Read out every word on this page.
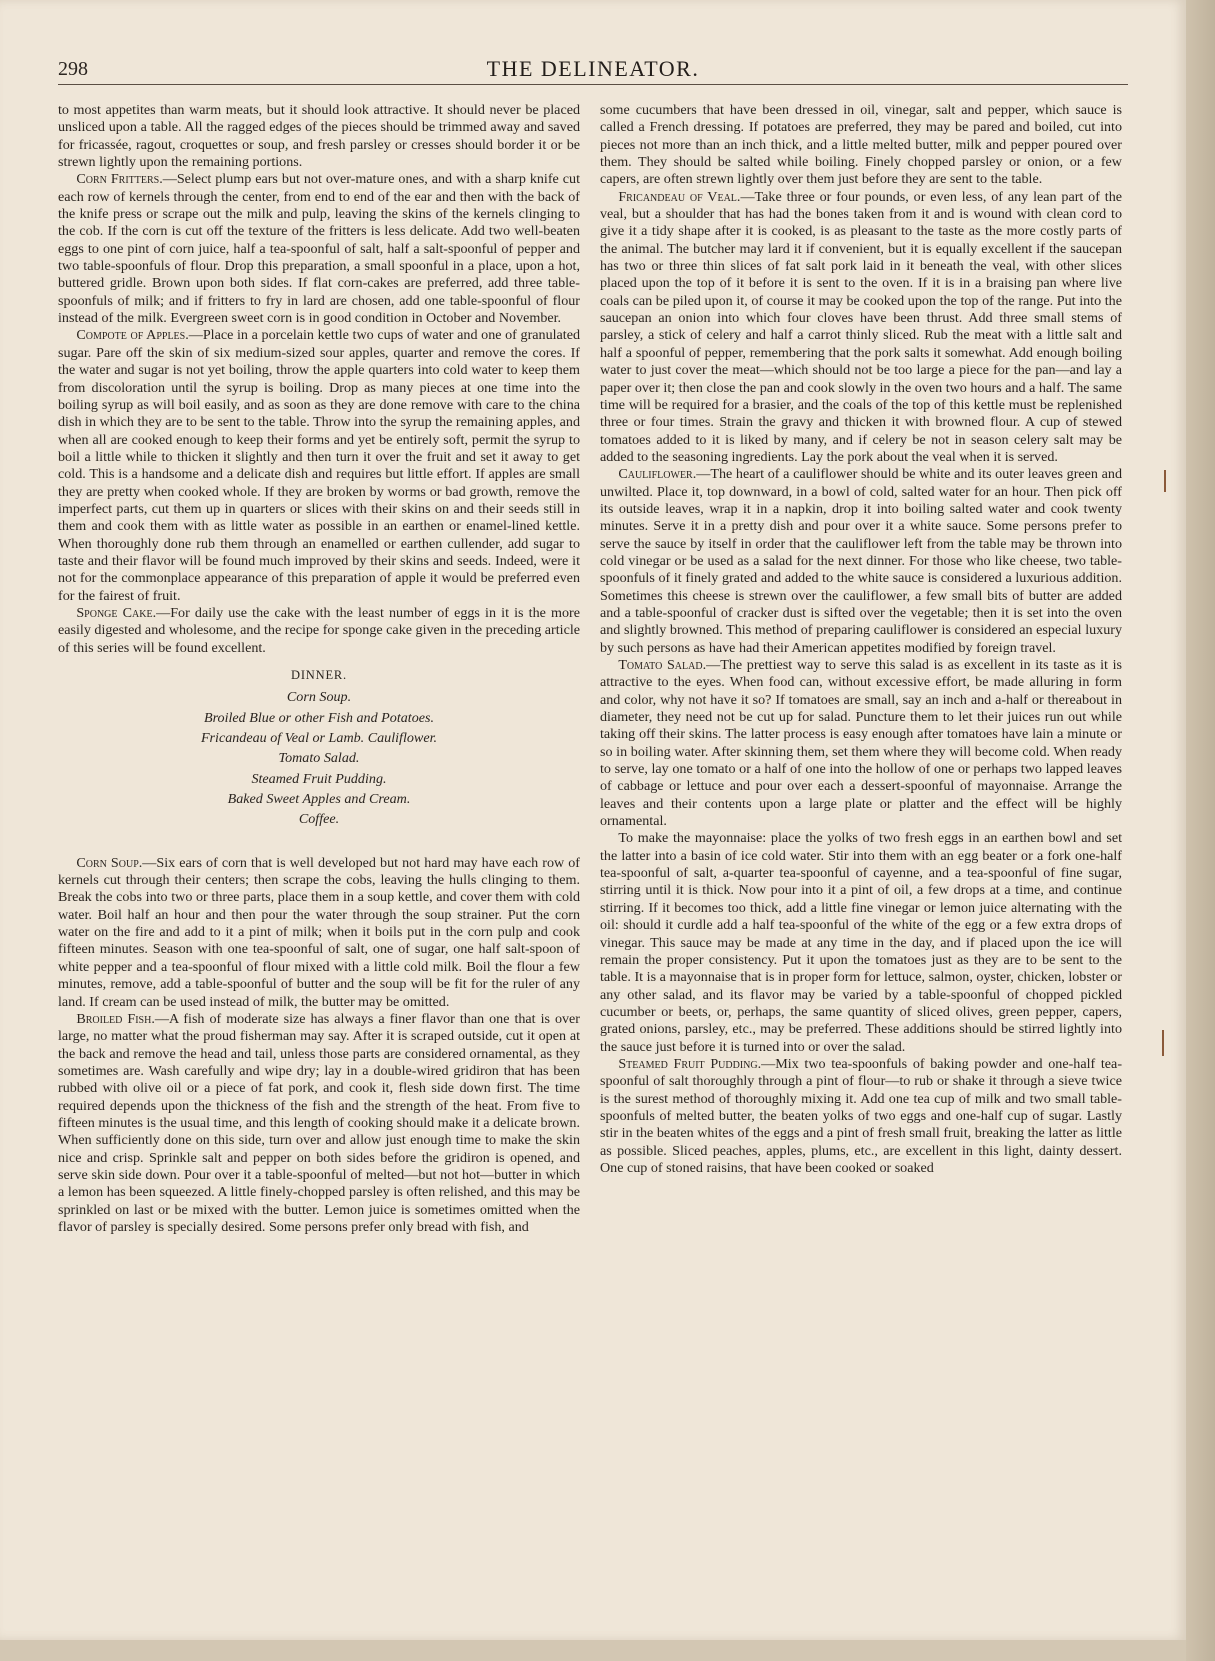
298	THE DELINEATOR.

to most appetites than warm meats, but it should look attractive. It should never be placed unsliced upon a table. All the ragged edges of the pieces should be trimmed away and saved for fricassée, ragout, croquettes or soup, and fresh parsley or cresses should border it or be strewn lightly upon the remaining portions.

Corn Fritters.—Select plump ears but not over-mature ones, and with a sharp knife cut each row of kernels through the center, from end to end of the ear and then with the back of the knife press or scrape out the milk and pulp, leaving the skins of the kernels clinging to the cob. If the corn is cut off the texture of the fritters is less delicate. Add two well-beaten eggs to one pint of corn juice, half a tea-spoonful of salt, half a salt-spoonful of pepper and two table-spoonfuls of flour. Drop this preparation, a small spoonful in a place, upon a hot, buttered gridle. Brown upon both sides. If flat corn-cakes are preferred, add three table-spoonfuls of milk; and if fritters to fry in lard are chosen, add one table-spoonful of flour instead of the milk. Evergreen sweet corn is in good condition in October and November.

Compote of Apples.—Place in a porcelain kettle two cups of water and one of granulated sugar. Pare off the skin of six medium-sized sour apples, quarter and remove the cores. If the water and sugar is not yet boiling, throw the apple quarters into cold water to keep them from discoloration until the syrup is boiling. Drop as many pieces at one time into the boiling syrup as will boil easily, and as soon as they are done remove with care to the china dish in which they are to be sent to the table. Throw into the syrup the remaining apples, and when all are cooked enough to keep their forms and yet be entirely soft, permit the syrup to boil a little while to thicken it slightly and then turn it over the fruit and set it away to get cold. This is a handsome and a delicate dish and requires but little effort. If apples are small they are pretty when cooked whole. If they are broken by worms or bad growth, remove the imperfect parts, cut them up in quarters or slices with their skins on and their seeds still in them and cook them with as little water as possible in an earthen or enamel-lined kettle. When thoroughly done rub them through an enamelled or earthen cullender, add sugar to taste and their flavor will be found much improved by their skins and seeds. Indeed, were it not for the commonplace appearance of this preparation of apple it would be preferred even for the fairest of fruit.

Sponge Cake.—For daily use the cake with the least number of eggs in it is the more easily digested and wholesome, and the recipe for sponge cake given in the preceding article of this series will be found excellent.

DINNER.
Corn Soup.
Broiled Blue or other Fish and Potatoes.
Fricandeau of Veal or Lamb. Cauliflower.
Tomato Salad.
Steamed Fruit Pudding.
Baked Sweet Apples and Cream.
Coffee.

Corn Soup.—Six ears of corn that is well developed but not hard may have each row of kernels cut through their centers; then scrape the cobs, leaving the hulls clinging to them. Break the cobs into two or three parts, place them in a soup kettle, and cover them with cold water. Boil half an hour and then pour the water through the soup strainer. Put the corn water on the fire and add to it a pint of milk; when it boils put in the corn pulp and cook fifteen minutes. Season with one tea-spoonful of salt, one of sugar, one half salt-spoon of white pepper and a tea-spoonful of flour mixed with a little cold milk. Boil the flour a few minutes, remove, add a table-spoonful of butter and the soup will be fit for the ruler of any land. If cream can be used instead of milk, the butter may be omitted.

Broiled Fish.—A fish of moderate size has always a finer flavor than one that is over large, no matter what the proud fisherman may say. After it is scraped outside, cut it open at the back and remove the head and tail, unless those parts are considered ornamental, as they sometimes are. Wash carefully and wipe dry; lay in a double-wired gridiron that has been rubbed with olive oil or a piece of fat pork, and cook it, flesh side down first. The time required depends upon the thickness of the fish and the strength of the heat. From five to fifteen minutes is the usual time, and this length of cooking should make it a delicate brown. When sufficiently done on this side, turn over and allow just enough time to make the skin nice and crisp. Sprinkle salt and pepper on both sides before the gridiron is opened, and serve skin side down. Pour over it a table-spoonful of melted—but not hot—butter in which a lemon has been squeezed. A little finely-chopped parsley is often relished, and this may be sprinkled on last or be mixed with the butter. Lemon juice is sometimes omitted when the flavor of parsley is specially desired. Some persons prefer only bread with fish, and

some cucumbers that have been dressed in oil, vinegar, salt and pepper, which sauce is called a French dressing. If potatoes are preferred, they may be pared and boiled, cut into pieces not more than an inch thick, and a little melted butter, milk and pepper poured over them. They should be salted while boiling. Finely chopped parsley or onion, or a few capers, are often strewn lightly over them just before they are sent to the table.

Fricandeau of Veal.—Take three or four pounds, or even less, of any lean part of the veal, but a shoulder that has had the bones taken from it and is wound with clean cord to give it a tidy shape after it is cooked, is as pleasant to the taste as the more costly parts of the animal. The butcher may lard it if convenient, but it is equally excellent if the saucepan has two or three thin slices of fat salt pork laid in it beneath the veal, with other slices placed upon the top of it before it is sent to the oven. If it is in a braising pan where live coals can be piled upon it, of course it may be cooked upon the top of the range. Put into the saucepan an onion into which four cloves have been thrust. Add three small stems of parsley, a stick of celery and half a carrot thinly sliced. Rub the meat with a little salt and half a spoonful of pepper, remembering that the pork salts it somewhat. Add enough boiling water to just cover the meat—which should not be too large a piece for the pan—and lay a paper over it; then close the pan and cook slowly in the oven two hours and a half. The same time will be required for a brasier, and the coals of the top of this kettle must be replenished three or four times. Strain the gravy and thicken it with browned flour. A cup of stewed tomatoes added to it is liked by many, and if celery be not in season celery salt may be added to the seasoning ingredients. Lay the pork about the veal when it is served.

Cauliflower.—The heart of a cauliflower should be white and its outer leaves green and unwilted. Place it, top downward, in a bowl of cold, salted water for an hour. Then pick off its outside leaves, wrap it in a napkin, drop it into boiling salted water and cook twenty minutes. Serve it in a pretty dish and pour over it a white sauce. Some persons prefer to serve the sauce by itself in order that the cauliflower left from the table may be thrown into cold vinegar or be used as a salad for the next dinner. For those who like cheese, two table-spoonfuls of it finely grated and added to the white sauce is considered a luxurious addition. Sometimes this cheese is strewn over the cauliflower, a few small bits of butter are added and a table-spoonful of cracker dust is sifted over the vegetable; then it is set into the oven and slightly browned. This method of preparing cauliflower is considered an especial luxury by such persons as have had their American appetites modified by foreign travel.

Tomato Salad.—The prettiest way to serve this salad is as excellent in its taste as it is attractive to the eyes. When food can, without excessive effort, be made alluring in form and color, why not have it so? If tomatoes are small, say an inch and a-half or thereabout in diameter, they need not be cut up for salad. Puncture them to let their juices run out while taking off their skins. The latter process is easy enough after tomatoes have lain a minute or so in boiling water. After skinning them, set them where they will become cold. When ready to serve, lay one tomato or a half of one into the hollow of one or perhaps two lapped leaves of cabbage or lettuce and pour over each a dessert-spoonful of mayonnaise. Arrange the leaves and their contents upon a large plate or platter and the effect will be highly ornamental.

To make the mayonnaise: place the yolks of two fresh eggs in an earthen bowl and set the latter into a basin of ice cold water. Stir into them with an egg beater or a fork one-half tea-spoonful of salt, a-quarter tea-spoonful of cayenne, and a tea-spoonful of fine sugar, stirring until it is thick. Now pour into it a pint of oil, a few drops at a time, and continue stirring. If it becomes too thick, add a little fine vinegar or lemon juice alternating with the oil: should it curdle add a half tea-spoonful of the white of the egg or a few extra drops of vinegar. This sauce may be made at any time in the day, and if placed upon the ice will remain the proper consistency. Put it upon the tomatoes just as they are to be sent to the table. It is a mayonnaise that is in proper form for lettuce, salmon, oyster, chicken, lobster or any other salad, and its flavor may be varied by a table-spoonful of chopped pickled cucumber or beets, or, perhaps, the same quantity of sliced olives, green pepper, capers, grated onions, parsley, etc., may be preferred. These additions should be stirred lightly into the sauce just before it is turned into or over the salad.

Steamed Fruit Pudding.—Mix two tea-spoonfuls of baking powder and one-half tea-spoonful of salt thoroughly through a pint of flour—to rub or shake it through a sieve twice is the surest method of thoroughly mixing it. Add one tea cup of milk and two small table-spoonfuls of melted butter, the beaten yolks of two eggs and one-half cup of sugar. Lastly stir in the beaten whites of the eggs and a pint of fresh small fruit, breaking the latter as little as possible. Sliced peaches, apples, plums, etc., are excellent in this light, dainty dessert. One cup of stoned raisins, that have been cooked or soaked
